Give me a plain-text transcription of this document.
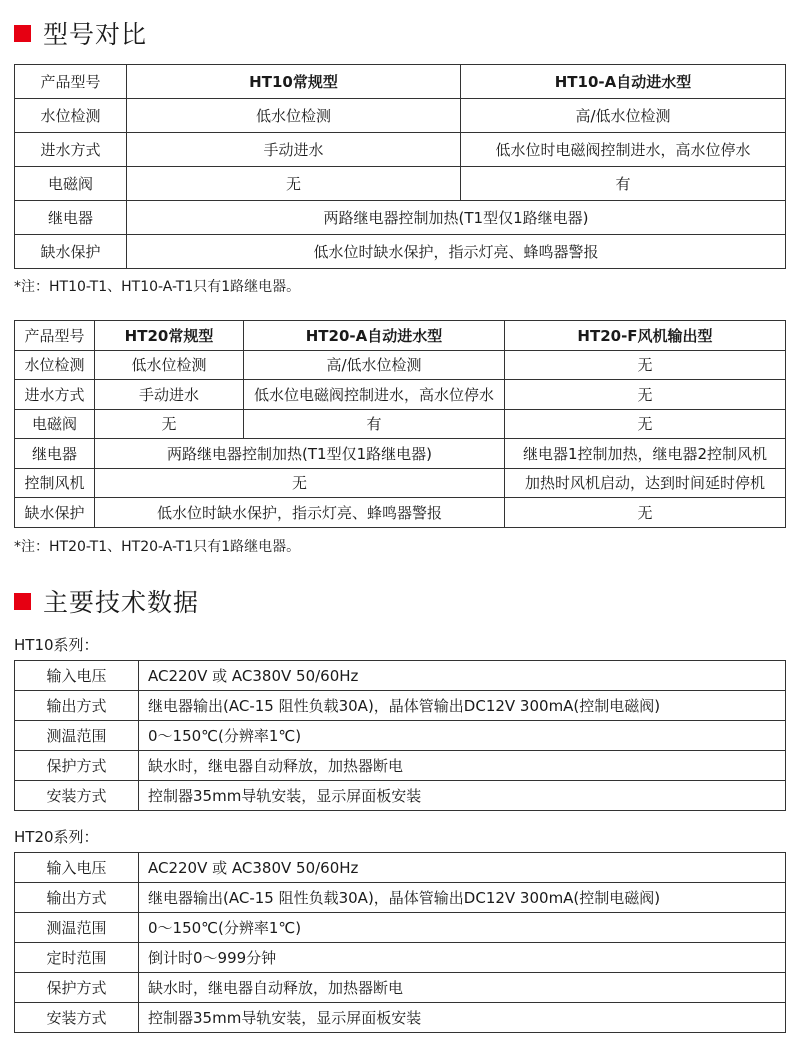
型号对比
产品型号	HT10常规型	HT10-A自动进水型
水位检测	低水位检测	高/低水位检测
进水方式	手动进水	低水位时电磁阀控制进水，高水位停水
电磁阀	无	有
继电器	两路继电器控制加热(T1型仅1路继电器)	
缺水保护	低水位时缺水保护，指示灯亮、蜂鸣器警报	
*注：HT10-T1、HT10-A-T1只有1路继电器。
产品型号	HT20常规型	HT20-A自动进水型	HT20-F风机输出型
水位检测	低水位检测	高/低水位检测	无
进水方式	手动进水	低水位电磁阀控制进水，高水位停水	无
电磁阀	无	有	无
继电器	两路继电器控制加热(T1型仅1路继电器)		继电器1控制加热，继电器2控制风机
控制风机	无		加热时风机启动，达到时间延时停机
缺水保护	低水位时缺水保护，指示灯亮、蜂鸣器警报		无
*注：HT20-T1、HT20-A-T1只有1路继电器。
主要技术数据
HT10系列：
输入电压	AC220V 或 AC380V 50/60Hz
输出方式	继电器输出(AC-15 阻性负载30A)，晶体管输出DC12V 300mA(控制电磁阀)
测温范围	0～150℃(分辨率1℃)
保护方式	缺水时，继电器自动释放，加热器断电
安装方式	控制器35mm导轨安装，显示屏面板安装
HT20系列：
输入电压	AC220V 或 AC380V 50/60Hz
输出方式	继电器输出(AC-15 阻性负载30A)，晶体管输出DC12V 300mA(控制电磁阀)
测温范围	0～150℃(分辨率1℃)
定时范围	倒计时0～999分钟
保护方式	缺水时，继电器自动释放，加热器断电
安装方式	控制器35mm导轨安装，显示屏面板安装
